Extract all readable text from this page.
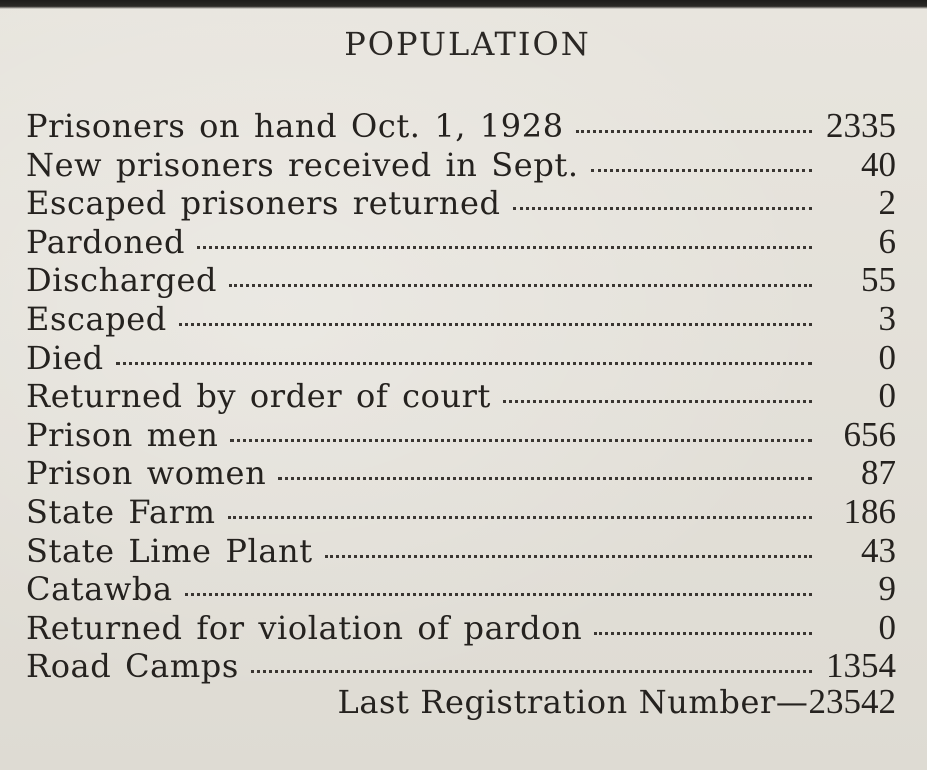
POPULATION
Prisoners on hand Oct. 1, 1928	2335
New prisoners received in Sept.	40
Escaped prisoners returned	2
Pardoned	6
Discharged	55
Escaped	3
Died	0
Returned by order of court	0
Prison men	656
Prison women	87
State Farm	186
State Lime Plant	43
Catawba	9
Returned for violation of pardon	0
Road Camps	1354
Last Registration Number—23542
